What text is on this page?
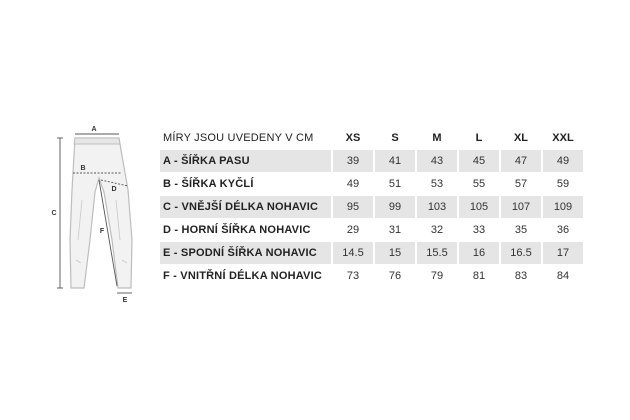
A
B
C
D
F
E
MÍRY JSOU UVEDENY V CM	XS	S	M	L	XL	XXL
A - ŠÍŘKA PASU	39	41	43	45	47	49
B - ŠÍŘKA KYČLÍ	49	51	53	55	57	59
C - VNĚJŠÍ DÉLKA NOHAVIC	95	99	103	105	107	109
D - HORNÍ ŠÍŘKA NOHAVIC	29	31	32	33	35	36
E - SPODNÍ ŠÍŘKA NOHAVIC	14.5	15	15.5	16	16.5	17
F - VNITŘNÍ DÉLKA NOHAVIC	73	76	79	81	83	84
